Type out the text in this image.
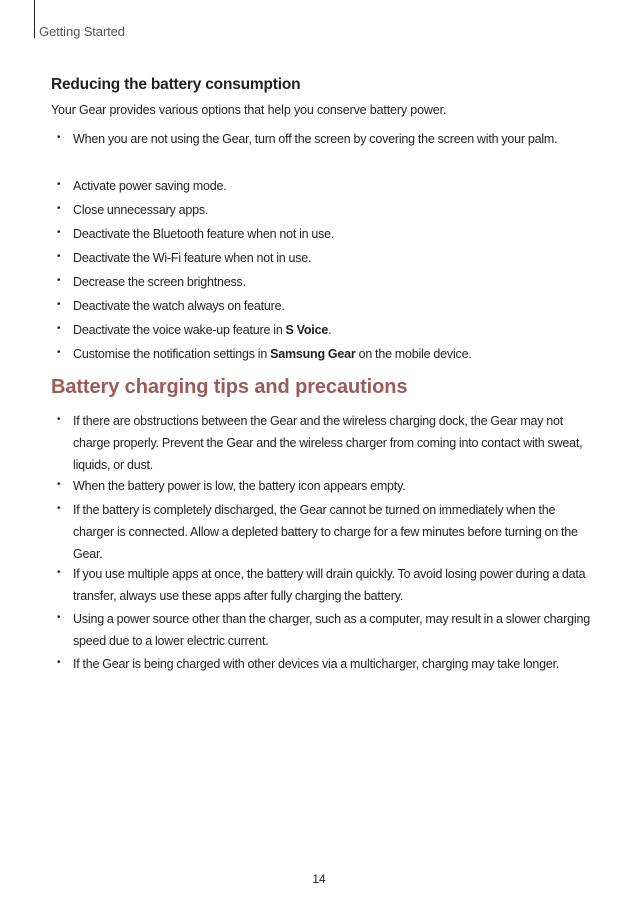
Getting Started
Reducing the battery consumption
Your Gear provides various options that help you conserve battery power.
• When you are not using the Gear, turn off the screen by covering the screen with your palm.
• Activate power saving mode.
• Close unnecessary apps.
• Deactivate the Bluetooth feature when not in use.
• Deactivate the Wi-Fi feature when not in use.
• Decrease the screen brightness.
• Deactivate the watch always on feature.
• Deactivate the voice wake-up feature in S Voice.
• Customise the notification settings in Samsung Gear on the mobile device.
Battery charging tips and precautions
• If there are obstructions between the Gear and the wireless charging dock, the Gear may not charge properly. Prevent the Gear and the wireless charger from coming into contact with sweat, liquids, or dust.
• When the battery power is low, the battery icon appears empty.
• If the battery is completely discharged, the Gear cannot be turned on immediately when the charger is connected. Allow a depleted battery to charge for a few minutes before turning on the Gear.
• If you use multiple apps at once, the battery will drain quickly. To avoid losing power during a data transfer, always use these apps after fully charging the battery.
• Using a power source other than the charger, such as a computer, may result in a slower charging speed due to a lower electric current.
• If the Gear is being charged with other devices via a multicharger, charging may take longer.
14
